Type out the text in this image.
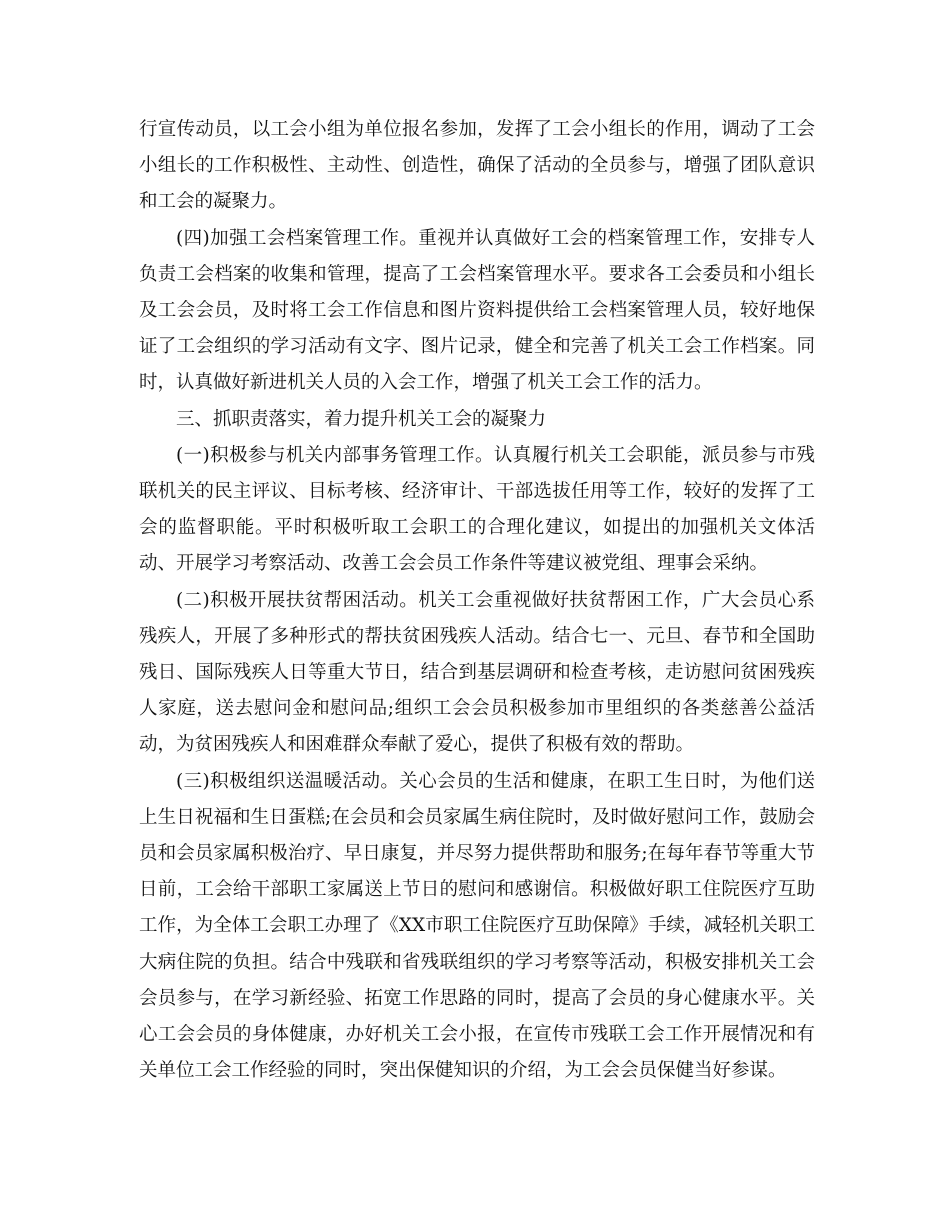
行宣传动员，以工会小组为单位报名参加，发挥了工会小组长的作用，调动了工会小组长的工作积极性、主动性、创造性，确保了活动的全员参与，增强了团队意识和工会的凝聚力。

(四)加强工会档案管理工作。重视并认真做好工会的档案管理工作，安排专人负责工会档案的收集和管理，提高了工会档案管理水平。要求各工会委员和小组长及工会会员，及时将工会工作信息和图片资料提供给工会档案管理人员，较好地保证了工会组织的学习活动有文字、图片记录，健全和完善了机关工会工作档案。同时，认真做好新进机关人员的入会工作，增强了机关工会工作的活力。

三、抓职责落实，着力提升机关工会的凝聚力

(一)积极参与机关内部事务管理工作。认真履行机关工会职能，派员参与市残联机关的民主评议、目标考核、经济审计、干部选拔任用等工作，较好的发挥了工会的监督职能。平时积极听取工会职工的合理化建议，如提出的加强机关文体活动、开展学习考察活动、改善工会会员工作条件等建议被党组、理事会采纳。

(二)积极开展扶贫帮困活动。机关工会重视做好扶贫帮困工作，广大会员心系残疾人，开展了多种形式的帮扶贫困残疾人活动。结合七一、元旦、春节和全国助残日、国际残疾人日等重大节日，结合到基层调研和检查考核，走访慰问贫困残疾人家庭，送去慰问金和慰问品;组织工会会员积极参加市里组织的各类慈善公益活动，为贫困残疾人和困难群众奉献了爱心，提供了积极有效的帮助。

(三)积极组织送温暖活动。关心会员的生活和健康，在职工生日时，为他们送上生日祝福和生日蛋糕;在会员和会员家属生病住院时，及时做好慰问工作，鼓励会员和会员家属积极治疗、早日康复，并尽努力提供帮助和服务;在每年春节等重大节日前，工会给干部职工家属送上节日的慰问和感谢信。积极做好职工住院医疗互助工作，为全体工会职工办理了《XX市职工住院医疗互助保障》手续，减轻机关职工大病住院的负担。结合中残联和省残联组织的学习考察等活动，积极安排机关工会会员参与，在学习新经验、拓宽工作思路的同时，提高了会员的身心健康水平。关心工会会员的身体健康，办好机关工会小报，在宣传市残联工会工作开展情况和有关单位工会工作经验的同时，突出保健知识的介绍，为工会会员保健当好参谋。
